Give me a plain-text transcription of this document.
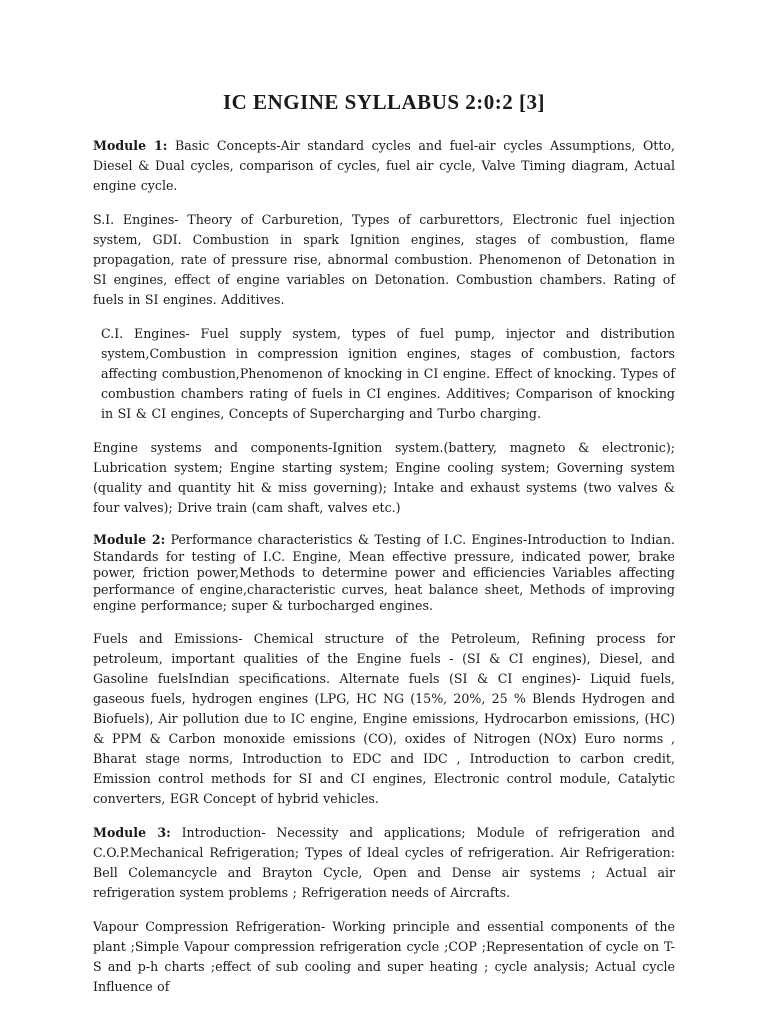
IC ENGINE SYLLABUS 2:0:2 [3]

Module 1: Basic Concepts-Air standard cycles and fuel-air cycles Assumptions, Otto, Diesel & Dual cycles, comparison of cycles, fuel air cycle, Valve Timing diagram, Actual engine cycle.

S.I. Engines- Theory of Carburetion, Types of carburettors, Electronic fuel injection system, GDI. Combustion in spark Ignition engines, stages of combustion, flame propagation, rate of pressure rise, abnormal combustion. Phenomenon of Detonation in SI engines, effect of engine variables on Detonation. Combustion chambers. Rating of fuels in SI engines. Additives.

C.I. Engines- Fuel supply system, types of fuel pump, injector and distribution system,Combustion in compression ignition engines, stages of combustion, factors affecting combustion,Phenomenon of knocking in CI engine. Effect of knocking. Types of combustion chambers rating of fuels in CI engines. Additives; Comparison of knocking in SI & CI engines, Concepts of Supercharging and Turbo charging.

Engine systems and components-Ignition system.(battery, magneto & electronic); Lubrication system; Engine starting system; Engine cooling system; Governing system (quality and quantity hit & miss governing); Intake and exhaust systems (two valves & four valves); Drive train (cam shaft, valves etc.)

Module 2: Performance characteristics & Testing of I.C. Engines-Introduction to Indian. Standards for testing of I.C. Engine, Mean effective pressure, indicated power, brake power, friction power,Methods to determine power and efficiencies Variables affecting performance of engine,characteristic curves, heat balance sheet, Methods of improving engine performance; super & turbocharged engines.

Fuels and Emissions- Chemical structure of the Petroleum, Refining process for petroleum, important qualities of the Engine fuels - (SI & CI engines), Diesel, and Gasoline fuelsIndian specifications. Alternate fuels (SI & CI engines)- Liquid fuels, gaseous fuels, hydrogen engines (LPG, HC NG (15%, 20%, 25 % Blends Hydrogen and Biofuels), Air pollution due to IC engine, Engine emissions, Hydrocarbon emissions, (HC) & PPM & Carbon monoxide emissions (CO), oxides of Nitrogen (NOx) Euro norms , Bharat stage norms, Introduction to EDC and IDC , Introduction to carbon credit, Emission control methods for SI and CI engines, Electronic control module, Catalytic converters, EGR Concept of hybrid vehicles.

Module 3: Introduction- Necessity and applications; Module of refrigeration and C.O.P.Mechanical Refrigeration; Types of Ideal cycles of refrigeration. Air Refrigeration: Bell Colemancycle and Brayton Cycle, Open and Dense air systems ; Actual air refrigeration system problems ; Refrigeration needs of Aircrafts.

Vapour Compression Refrigeration- Working principle and essential components of the plant ;Simple Vapour compression refrigeration cycle ;COP ;Representation of cycle on T-S and p-h charts ;effect of sub cooling and super heating ; cycle analysis; Actual cycle Influence of
